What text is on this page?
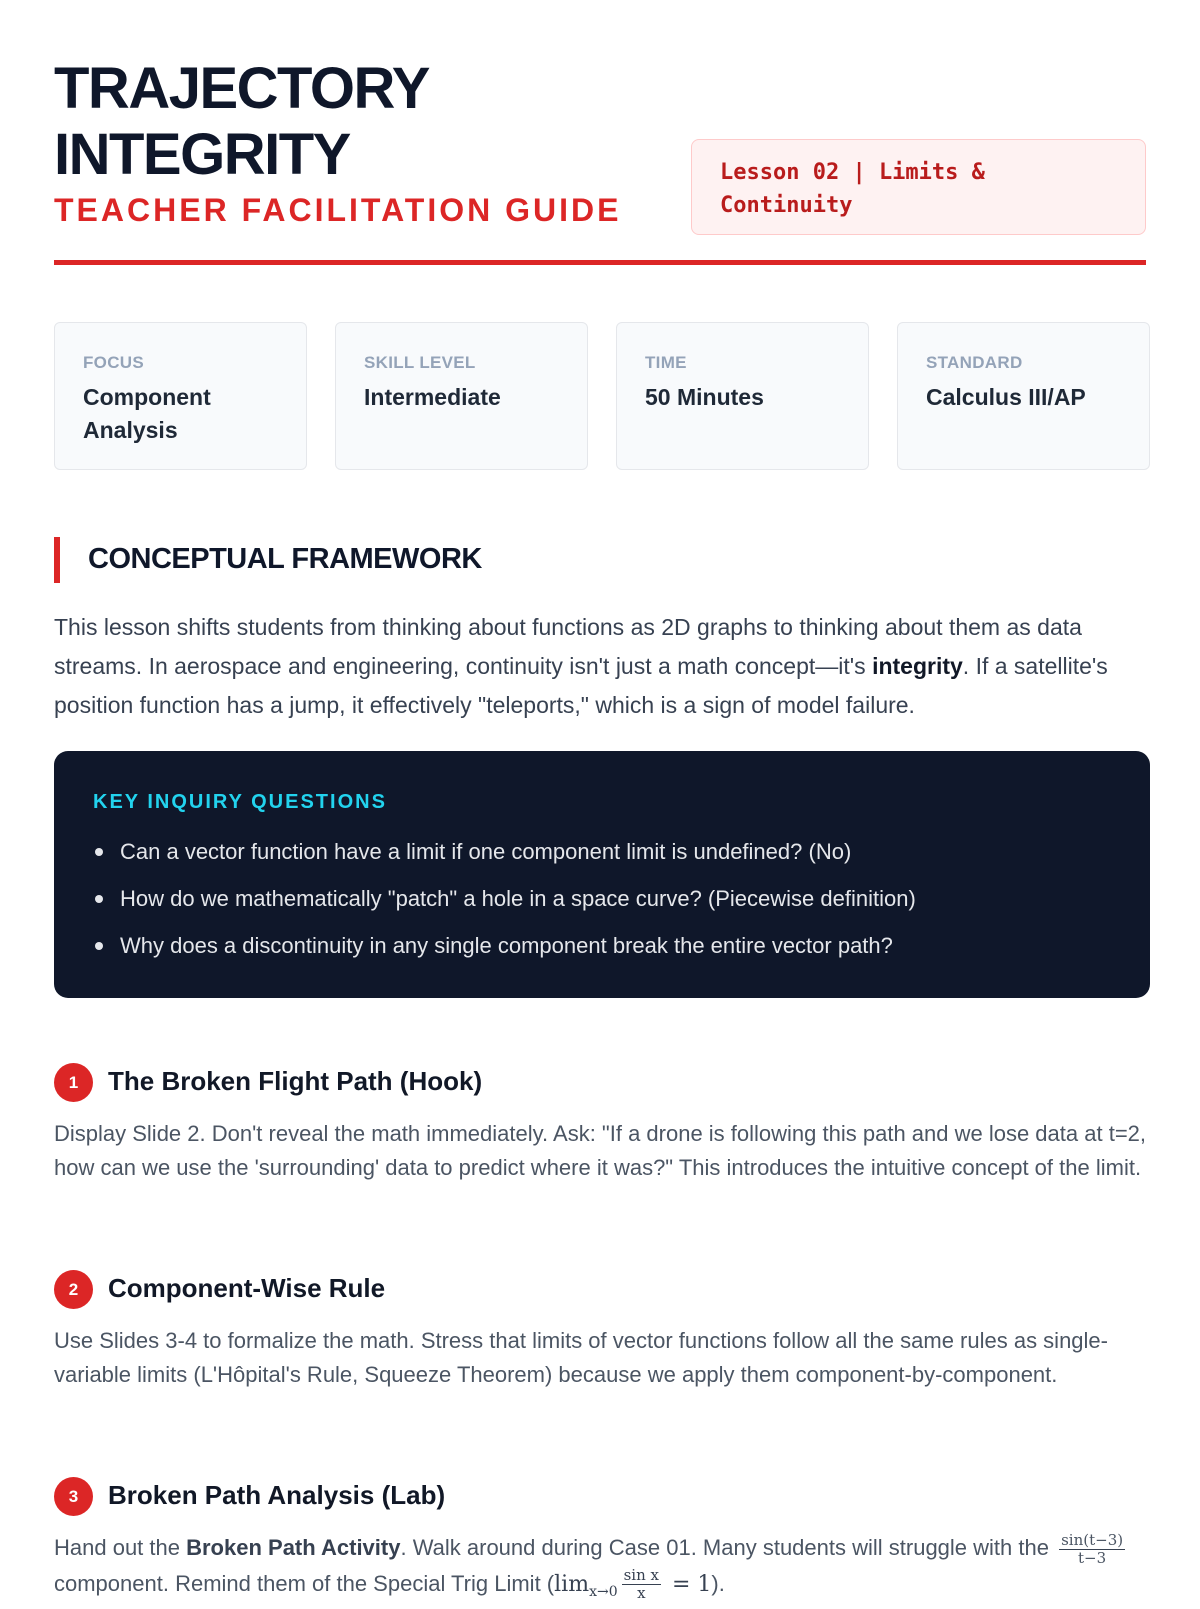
TRAJECTORY
INTEGRITY
TEACHER FACILITATION GUIDE
Lesson 02 | Limits & Continuity
FOCUS
Component Analysis
SKILL LEVEL
Intermediate
TIME
50 Minutes
STANDARD
Calculus III/AP
CONCEPTUAL FRAMEWORK

This lesson shifts students from thinking about functions as 2D graphs to thinking about them as data streams. In aerospace and engineering, continuity isn't just a math concept—it's integrity. If a satellite's position function has a jump, it effectively "teleports," which is a sign of model failure.

KEY INQUIRY QUESTIONS
Can a vector function have a limit if one component limit is undefined? (No)
How do we mathematically "patch" a hole in a space curve? (Piecewise definition)
Why does a discontinuity in any single component break the entire vector path?
1	The Broken Flight Path (Hook)

Display Slide 2. Don't reveal the math immediately. Ask: "If a drone is following this path and we lose data at t=2, how can we use the 'surrounding' data to predict where it was?" This introduces the intuitive concept of the limit.

2	Component-Wise Rule

Use Slides 3-4 to formalize the math. Stress that limits of vector functions follow all the same rules as single-variable limits (L'Hôpital's Rule, Squeeze Theorem) because we apply them component-by-component.

3	Broken Path Analysis (Lab)

Hand out the Broken Path Activity. Walk around during Case 01. Many students will struggle with the $\frac{\sin(t-3)}{t-3}$
component. Remind them of the Special Trig Limit $(\lim_{x\to 0} \frac{\text{sin x}}{x} = 1)$.
